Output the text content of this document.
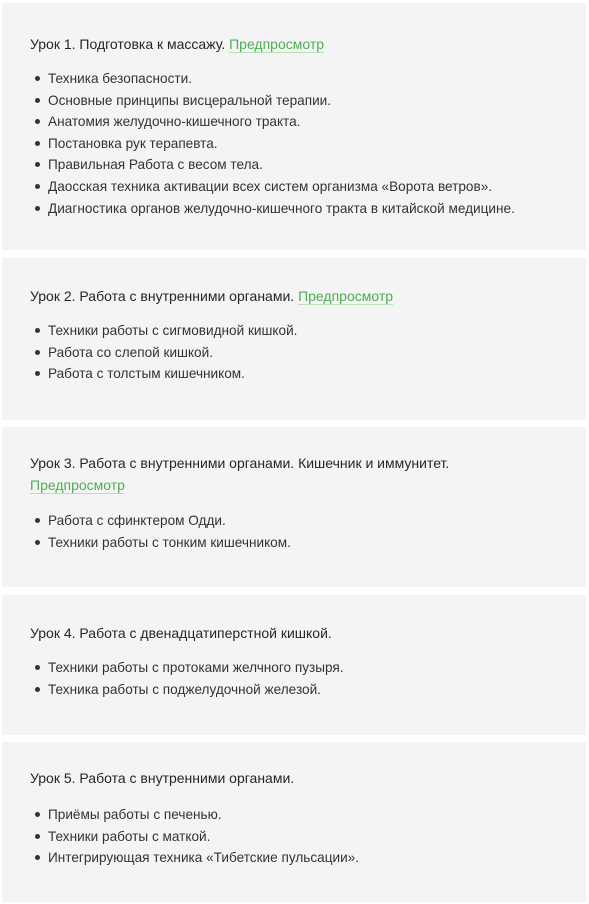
Урок 1. Подготовка к массажу. Предпросмотр
Техника безопасности.
Основные принципы висцеральной терапии.
Анатомия желудочно-кишечного тракта.
Постановка рук терапевта.
Правильная Работа с весом тела.
Даосская техника активации всех систем организма «Ворота ветров».
Диагностика органов желудочно-кишечного тракта в китайской медицине.
Урок 2. Работа с внутренними органами. Предпросмотр
Техники работы с сигмовидной кишкой.
Работа со слепой кишкой.
Работа с толстым кишечником.
Урок 3. Работа с внутренними органами. Кишечник и иммунитет.
Предпросмотр
Работа с сфинктером Одди.
Техники работы с тонким кишечником.
Урок 4. Работа с двенадцатиперстной кишкой.
Техники работы с протоками желчного пузыря.
Техника работы с поджелудочной железой.
Урок 5. Работа с внутренними органами.
Приёмы работы с печенью.
Техники работы с маткой.
Интегрирующая техника «Тибетские пульсации».
